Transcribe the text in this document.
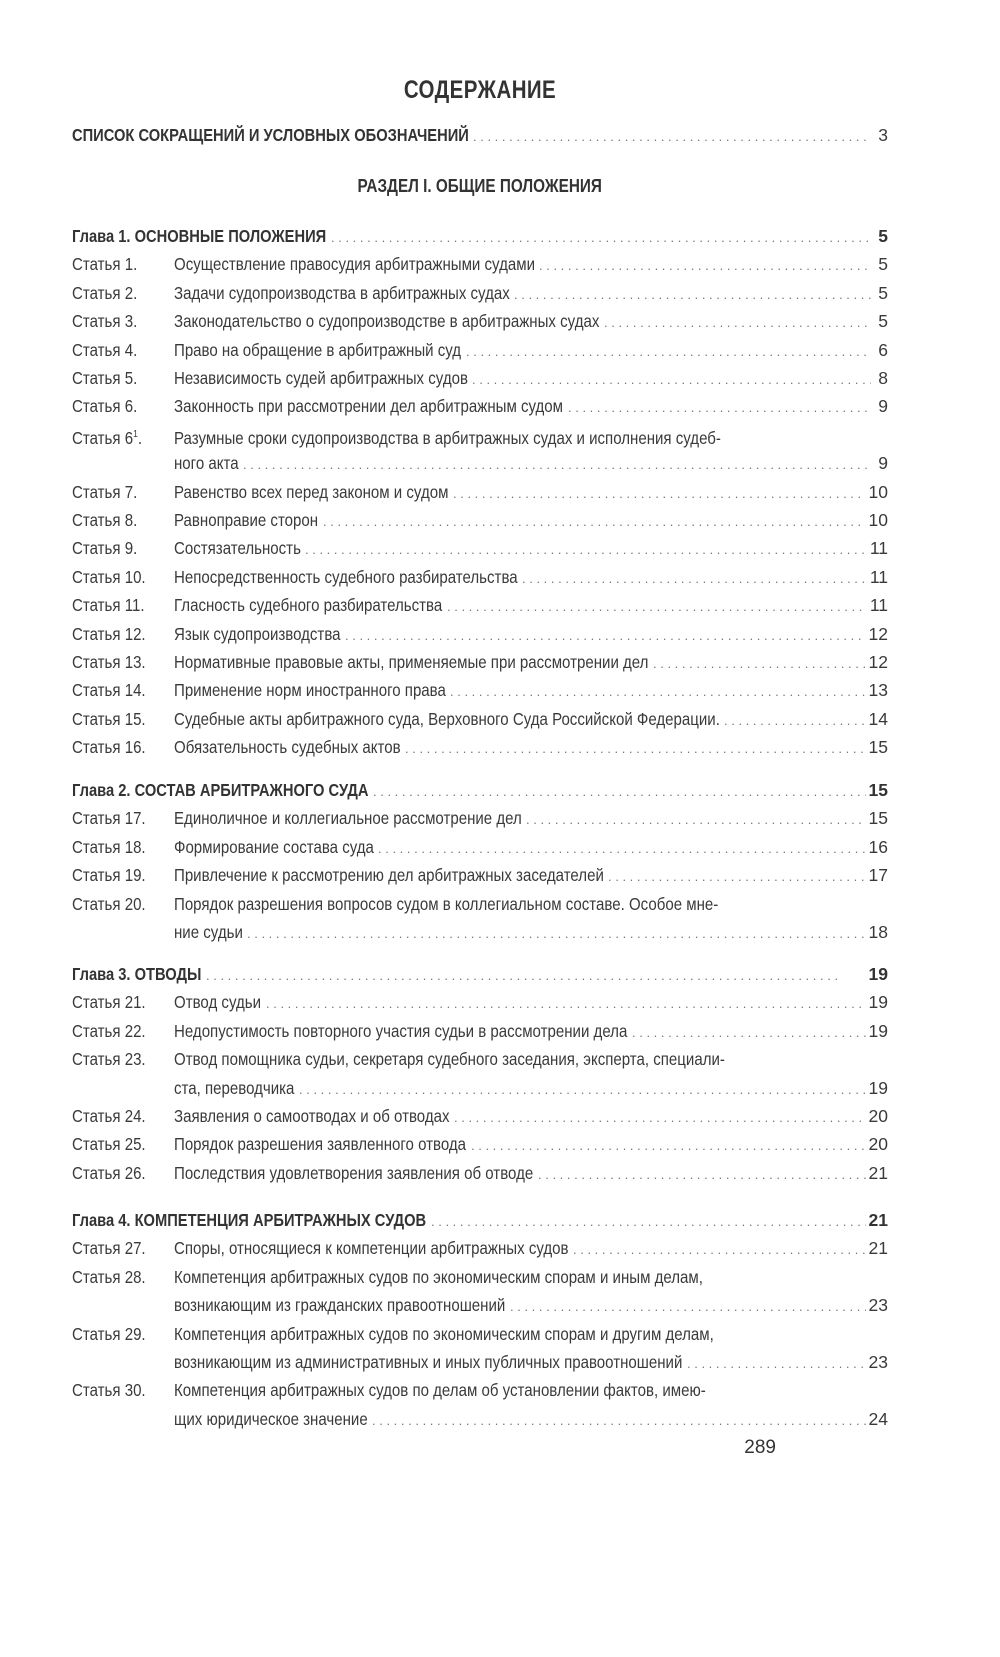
СОДЕРЖАНИЕ
СПИСОК СОКРАЩЕНИЙ И УСЛОВНЫХ ОБОЗНАЧЕНИЙ . . .	3
РАЗДЕЛ I. ОБЩИЕ ПОЛОЖЕНИЯ
Глава 1. ОСНОВНЫЕ ПОЛОЖЕНИЯ . . .	5
Статья 1. Осуществление правосудия арбитражными судами . . .	5
Статья 2. Задачи судопроизводства в арбитражных судах . . .	5
Статья 3. Законодательство о судопроизводстве в арбитражных судах . . .	5
Статья 4. Право на обращение в арбитражный суд . . .	6
Статья 5. Независимость судей арбитражных судов . . .	8
Статья 6. Законность при рассмотрении дел арбитражным судом . . .	9
Статья $6^1$. Разумные сроки судопроизводства в арбитражных судах и исполнения судеб-
ного акта . . .	9
Статья 7. Равенство всех перед законом и судом . . .	10
Статья 8. Равноправие сторон . . .	10
Статья 9. Состязательность . . .	11
Статья 10. Непосредственность судебного разбирательства . . .	11
Статья 11. Гласность судебного разбирательства . . .	11
Статья 12. Язык судопроизводства . . .	12
Статья 13. Нормативные правовые акты, применяемые при рассмотрении дел . . .	12
Статья 14. Применение норм иностранного права . . .	13
Статья 15. Судебные акты арбитражного суда, Верховного Суда Российской Федерации. . . .	14
Статья 16. Обязательность судебных актов . . .	15
Глава 2. СОСТАВ АРБИТРАЖНОГО СУДА . . .	15
Статья 17. Единоличное и коллегиальное рассмотрение дел . . .	15
Статья 18. Формирование состава суда . . .	16
Статья 19. Привлечение к рассмотрению дел арбитражных заседателей . . .	17
Статья 20. Порядок разрешения вопросов судом в коллегиальном составе. Особое мне-
ние судьи . . .	18
Глава 3. ОТВОДЫ . . .	19
Статья 21. Отвод судьи . . .	19
Статья 22. Недопустимость повторного участия судьи в рассмотрении дела . . .	19
Статья 23. Отвод помощника судьи, секретаря судебного заседания, эксперта, специали-
ста, переводчика . . .	19
Статья 24. Заявления о самоотводах и об отводах . . .	20
Статья 25. Порядок разрешения заявленного отвода . . .	20
Статья 26. Последствия удовлетворения заявления об отводе . . .	21
Глава 4. КОМПЕТЕНЦИЯ АРБИТРАЖНЫХ СУДОВ . . .	21
Статья 27. Споры, относящиеся к компетенции арбитражных судов . . .	21
Статья 28. Компетенция арбитражных судов по экономическим спорам и иным делам,
возникающим из гражданских правоотношений . . .	23
Статья 29. Компетенция арбитражных судов по экономическим спорам и другим делам,
возникающим из административных и иных публичных правоотношений . . .	23
Статья 30. Компетенция арбитражных судов по делам об установлении фактов, имею-
щих юридическое значение . . .	24
289
